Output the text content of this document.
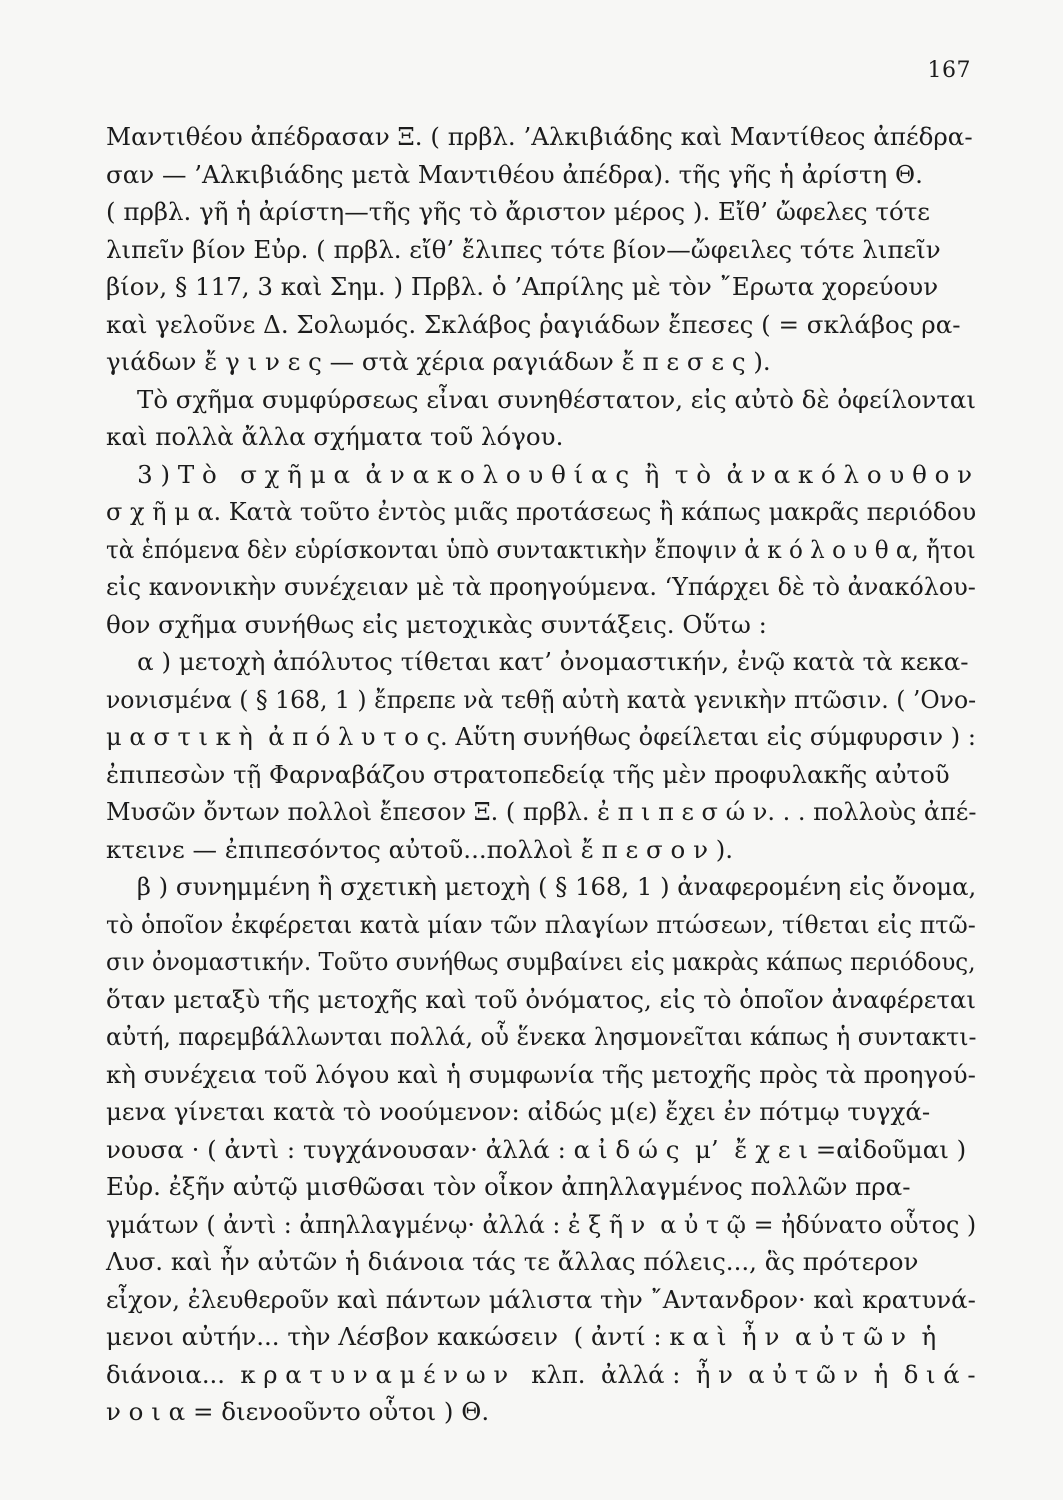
167
Μαντιθέου ἀπέδρασαν Ξ. ( πρβλ. ’Αλκιβιάδης καὶ Μαντίθεος ἀπέδρα-
σαν — ’Αλκιβιάδης μετὰ Μαντιθέου ἀπέδρα). τῆς γῆς ἡ ἀρίστη Θ.
( πρβλ. γῆ ἡ ἀρίστη—τῆς γῆς τὸ ἄριστον μέρος ). Εἴθ’ ὤφελες τότε
λιπεῖν βίον Εὐρ. ( πρβλ. εἴθ’ ἔλιπες τότε βίον—ὤφειλες τότε λιπεῖν
βίον, § 117, 3 καὶ Σημ. ) Πρβλ. ὁ ’Απρίλης μὲ τὸν ῎Ερωτα χορεύουν
καὶ γελοῦνε Δ. Σολωμός. Σκλάβος ῥαγιάδων ἔπεσες ( = σκλάβος ρα-
γιάδων ἔ γ ι ν ε ς — στὰ χέρια ραγιάδων ἔ π ε σ ε ς ).
Τὸ σχῆμα συμφύρσεως εἶναι συνηθέστατον, εἰς αὐτὸ δὲ ὀφείλονται
καὶ πολλὰ ἄλλα σχήματα τοῦ λόγου.
3 ) Τ ὸ   σ χ ῆ μ α  ἀ ν α κ ο λ ο υ θ ί α ς  ἢ  τ ὸ  ἀ ν α κ ό λ ο υ θ ο ν
σ χ ῆ μ α. Κατὰ τοῦτο ἐντὸς μιᾶς προτάσεως ἢ κάπως μακρᾶς περιόδου
τὰ ἑπόμενα δὲν εὑρίσκονται ὑπὸ συντακτικὴν ἔποψιν ἀ κ ό λ ο υ θ α, ἤτοι
εἰς κανονικὴν συνέχειαν μὲ τὰ προηγούμενα. ‘Υπάρχει δὲ τὸ ἀνακόλου-
θον σχῆμα συνήθως εἰς μετοχικὰς συντάξεις. Οὕτω :
α ) μετοχὴ ἀπόλυτος τίθεται κατ’ ὀνομαστικήν, ἐνῷ κατὰ τὰ κεκα-
νονισμένα ( § 168, 1 ) ἔπρεπε νὰ τεθῇ αὐτὴ κατὰ γενικὴν πτῶσιν. ( ’Ονο-
μ α σ τ ι κ ὴ  ἀ π ό λ υ τ ο ς. Αὕτη συνήθως ὀφείλεται εἰς σύμφυρσιν ) :
ἐπιπεσὼν τῇ Φαρναβάζου στρατοπεδείᾳ τῆς μὲν προφυλακῆς αὐτοῦ
Μυσῶν ὄντων πολλοὶ ἔπεσον Ξ. ( πρβλ. ἐ π ι π ε σ ώ ν. . . πολλοὺς ἀπέ-
κτεινε — ἐπιπεσόντος αὐτοῦ...πολλοὶ ἔ π ε σ ο ν ).
β ) συνημμένη ἢ σχετικὴ μετοχὴ ( § 168, 1 ) ἀναφερομένη εἰς ὄνομα,
τὸ ὁποῖον ἐκφέρεται κατὰ μίαν τῶν πλαγίων πτώσεων, τίθεται εἰς πτῶ-
σιν ὀνομαστικήν. Τοῦτο συνήθως συμβαίνει εἰς μακρὰς κάπως περιόδους,
ὅταν μεταξὺ τῆς μετοχῆς καὶ τοῦ ὀνόματος, εἰς τὸ ὁποῖον ἀναφέρεται
αὐτή, παρεμβάλλωνται πολλά, οὗ ἕνεκα λησμονεῖται κάπως ἡ συντακτι-
κὴ συνέχεια τοῦ λόγου καὶ ἡ συμφωνία τῆς μετοχῆς πρὸς τὰ προηγού-
μενα γίνεται κατὰ τὸ νοούμενον: αἰδώς μ(ε) ἔχει ἐν πότμῳ τυγχά-
νουσα · ( ἀντὶ : τυγχάνουσαν· ἀλλά : α ἰ δ ώ ς  μ’  ἔ χ ε ι =αἰδοῦμαι )
Εὐρ. ἐξῆν αὐτῷ μισθῶσαι τὸν οἶκον ἀπηλλαγμένος πολλῶν πρα-
γμάτων ( ἀντὶ : ἀπηλλαγμένῳ· ἀλλά : ἐ ξ ῆ ν  α ὐ τ ῷ = ἠδύνατο οὗτος )
Λυσ. καὶ ἦν αὐτῶν ἡ διάνοια τάς τε ἄλλας πόλεις..., ἃς πρότερον
εἶχον, ἐλευθεροῦν καὶ πάντων μάλιστα τὴν ῎Αντανδρον· καὶ κρατυνά-
μενοι αὐτήν... τὴν Λέσβον κακώσειν  ( ἀντί : κ α ὶ  ἦ ν  α ὐ τ ῶ ν  ἡ
διάνοια...  κ ρ α τ υ ν α μ έ ν ω ν   κλπ.  ἀλλά :  ἦ ν  α ὐ τ ῶ ν  ἡ  δ ι ά -
ν ο ι α = διενοοῦντο οὗτοι ) Θ.
